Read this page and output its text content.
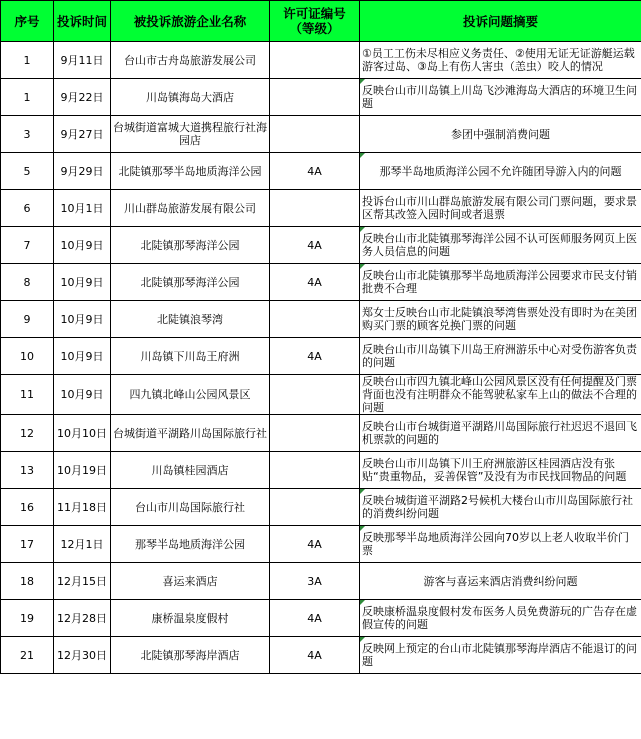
序号	投诉时间	被投诉旅游企业名称	许可证编号（等级）	投诉问题摘要
1	9月11日	台山市古舟岛旅游发展公司		①员工工伤未尽相应义务责任、②使用无证无证游艇运载游客过岛、③岛上有伤人害虫（恙虫）咬人的情况
1	9月22日	川岛镇海岛大酒店		反映台山市川岛镇上川岛飞沙滩海岛大酒店的环境卫生问题
3	9月27日	台城街道富城大道携程旅行社海园店		参团中强制消费问题
5	9月29日	北陡镇那琴半岛地质海洋公园	4A	那琴半岛地质海洋公园不允许随团导游入内的问题
6	10月1日	川山群岛旅游发展有限公司		投诉台山市川山群岛旅游发展有限公司门票问题，要求景区帮其改签入园时间或者退票
7	10月9日	北陡镇那琴海洋公园	4A	反映台山市北陡镇那琴海洋公园不认可医师服务网页上医务人员信息的问题
8	10月9日	北陡镇那琴海洋公园	4A	反映台山市北陡镇那琴半岛地质海洋公园要求市民支付销批费不合理
9	10月9日	北陡镇浪琴湾		郑女士反映台山市北陡镇浪琴湾售票处没有即时为在美团购买门票的顾客兑换门票的问题
10	10月9日	川岛镇下川岛王府洲	4A	反映台山市川岛镇下川岛王府洲游乐中心对受伤游客负责的问题
11	10月9日	四九镇北峰山公园风景区		反映台山市四九镇北峰山公园风景区没有任何提醒及门票背面也没有注明群众不能驾驶私家车上山的做法不合理的问题
12	10月10日	台城街道平湖路川岛国际旅行社		反映台山市台城街道平湖路川岛国际旅行社迟迟不退回飞机票款的问题的
13	10月19日	川岛镇桂园酒店		反映台山市川岛镇下川王府洲旅游区桂园酒店没有张贴“贵重物品，妥善保管”及没有为市民找回物品的问题
16	11月18日	台山市川岛国际旅行社		反映台城街道平湖路2号候机大楼台山市川岛国际旅行社的消费纠纷问题
17	12月1日	那琴半岛地质海洋公园	4A	反映那琴半岛地质海洋公园向70岁以上老人收取半价门票
18	12月15日	喜运来酒店	3A	游客与喜运来酒店消费纠纷问题
19	12月28日	康桥温泉度假村	4A	反映康桥温泉度假村发布医务人员免费游玩的广告存在虚假宣传的问题
21	12月30日	北陡镇那琴海岸酒店	4A	反映网上预定的台山市北陡镇那琴海岸酒店不能退订的问题
